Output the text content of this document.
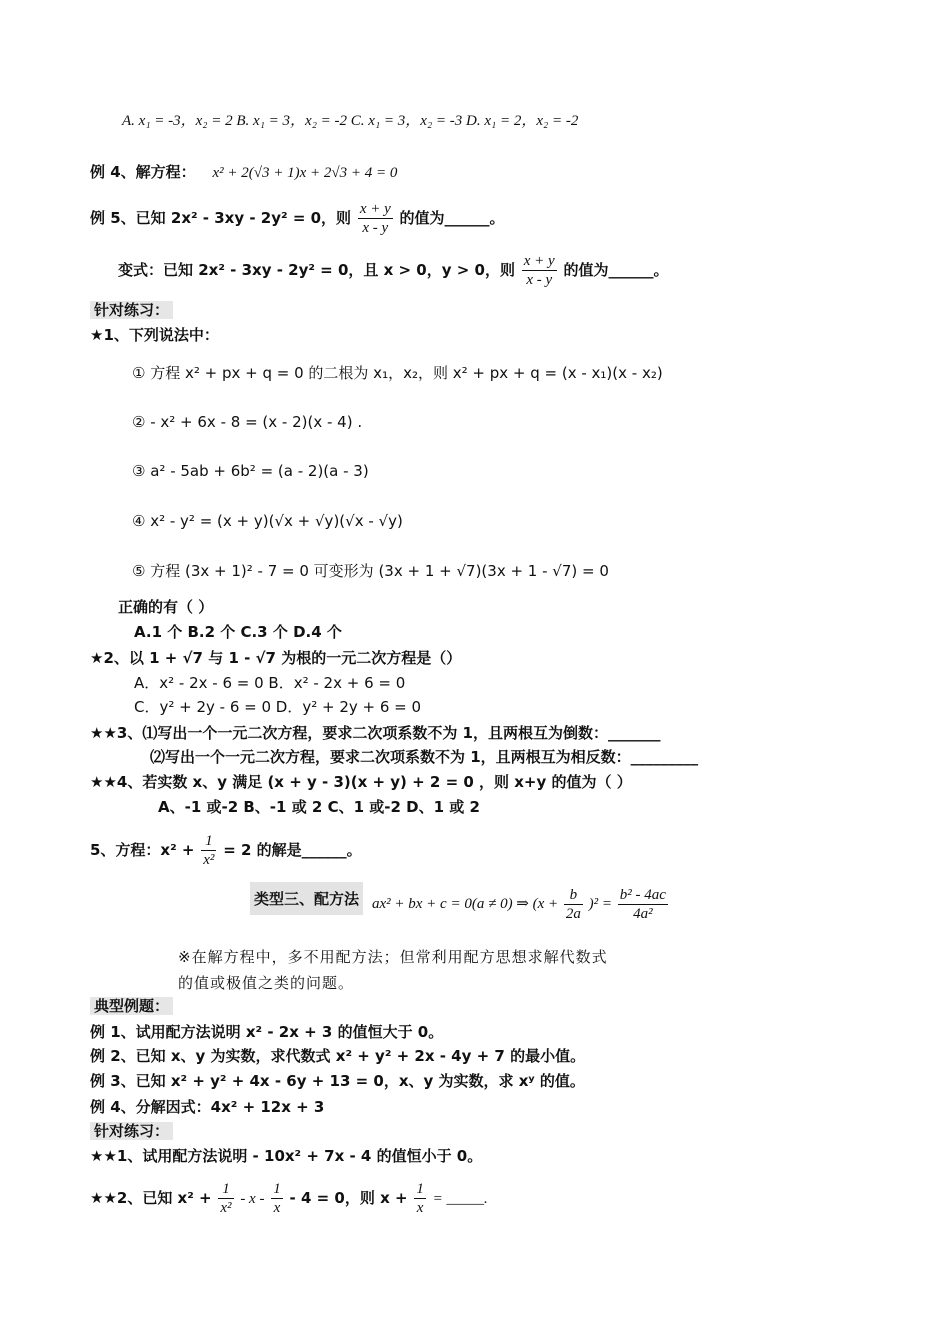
A. x₁ = -3，x₂ = 2 B. x₁ = 3，x₂ = -2 C. x₁ = 3，x₂ = -3 D. x₁ = 2，x₂ = -2
例 4、解方程： x² + 2(√3 + 1)x + 2√3 + 4 = 0
例 5、已知 2x² - 3xy - 2y² = 0，则 $\frac{x + y}{x - y}$ 的值为______。
变式：已知 2x² - 3xy - 2y² = 0，且 x > 0，y > 0，则 $\frac{x + y}{x - y}$ 的值为______。
针对练习：
★1、下列说法中：
① 方程 x² + px + q = 0 的二根为 x₁，x₂，则 x² + px + q = (x - x₁)(x - x₂)
② - x² + 6x - 8 = (x - 2)(x - 4) .
③ a² - 5ab + 6b² = (a - 2)(a - 3)
④ x² - y² = (x + y)(√x + √y)(√x - √y)
⑤ 方程 (3x + 1)² - 7 = 0 可变形为 (3x + 1 + √7)(3x + 1 - √7) = 0
正确的有（ ）
A.1 个 B.2 个 C.3 个 D.4 个
★2、以 1 + √7 与 1 - √7 为根的一元二次方程是（）
A．x² - 2x - 6 = 0 B．x² - 2x + 6 = 0
C．y² + 2y - 6 = 0 D．y² + 2y + 6 = 0
★★3、⑴写出一个一元二次方程，要求二次项系数不为 1，且两根互为倒数：_______
⑵写出一个一元二次方程，要求二次项系数不为 1，且两根互为相反数：_________
★★4、若实数 x、y 满足 (x + y - 3)(x + y) + 2 = 0 ，则 x+y 的值为（ ）
A、-1 或-2 B、-1 或 2 C、1 或-2 D、1 或 2
5、方程：$x^2 + \frac{1}{\text{x²}} = 2$ 的解是______。
类型三、配方法 ax² + bx + c = 0(a ≠ 0) ⇒ $(x + \frac{b}{2a} )^2 = \frac{\text{b² - 4ac}}{\text{4a²}}$
※在解方程中，多不用配方法；但常利用配方思想求解代数式
的值或极值之类的问题。
典型例题：
例 1、试用配方法说明 x² - 2x + 3 的值恒大于 0。
例 2、已知 x、y 为实数，求代数式 x² + y² + 2x - 4y + 7 的最小值。
例 3、已知 x² + y² + 4x - 6y + 13 = 0，x、y 为实数，求 xʸ 的值。
例 4、分解因式：4x² + 12x + 3
针对练习：
★★1、试用配方法说明 - 10x² + 7x - 4 的值恒小于 0。
★★2、已知 $x^2 + \frac{1}{\text{x²}} - x - \frac{1}{x} - 4 = 0$，则 $x + \frac{1}{x}$ = _____.
